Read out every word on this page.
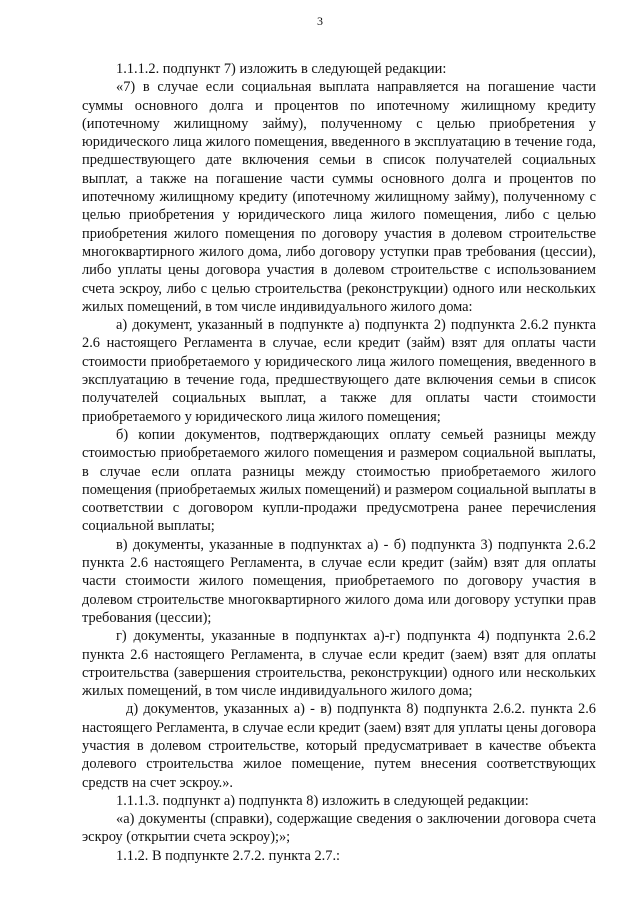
3

1.1.1.2. подпункт 7) изложить в следующей редакции:

«7) в случае если социальная выплата направляется на погашение части суммы основного долга и процентов по ипотечному жилищному кредиту (ипотечному жилищному займу), полученному с целью приобретения у юридического лица жилого помещения, введенного в эксплуатацию в течение года, предшествующего дате включения семьи в список получателей социальных выплат, а также на погашение части суммы основного долга и процентов по ипотечному жилищному кредиту (ипотечному жилищному займу), полученному с целью приобретения у юридического лица жилого помещения, либо с целью приобретения жилого помещения по договору участия в долевом строительстве многоквартирного жилого дома, либо договору уступки прав требования (цессии), либо уплаты цены договора участия в долевом строительстве с использованием счета эскроу, либо с целью строительства (реконструкции) одного или нескольких жилых помещений, в том числе индивидуального жилого дома:

а) документ, указанный в подпункте а) подпункта 2) подпункта 2.6.2 пункта 2.6 настоящего Регламента в случае, если кредит (займ) взят для оплаты части стоимости приобретаемого у юридического лица жилого помещения, введенного в эксплуатацию в течение года, предшествующего дате включения семьи в список получателей социальных выплат, а также для оплаты части стоимости приобретаемого у юридического лица жилого помещения;

б) копии документов, подтверждающих оплату семьей разницы между стоимостью приобретаемого жилого помещения и размером социальной выплаты, в случае если оплата разницы между стоимостью приобретаемого жилого помещения (приобретаемых жилых помещений) и размером социальной выплаты в соответствии с договором купли-продажи предусмотрена ранее перечисления социальной выплаты;

в) документы, указанные в подпунктах а) - б) подпункта 3) подпункта 2.6.2 пункта 2.6 настоящего Регламента, в случае если кредит (займ) взят для оплаты части стоимости жилого помещения, приобретаемого по договору участия в долевом строительстве многоквартирного жилого дома или договору уступки прав требования (цессии);

г) документы, указанные в подпунктах а)-г) подпункта 4) подпункта 2.6.2 пункта 2.6 настоящего Регламента, в случае если кредит (заем) взят для оплаты строительства (завершения строительства, реконструкции) одного или нескольких жилых помещений, в том числе индивидуального жилого дома;

д) документов, указанных а) - в) подпункта 8) подпункта 2.6.2. пункта 2.6 настоящего Регламента, в случае если кредит (заем) взят для уплаты цены договора участия в долевом строительстве, который предусматривает в качестве объекта долевого строительства жилое помещение, путем внесения соответствующих средств на счет эскроу.».

1.1.1.3. подпункт а) подпункта 8) изложить в следующей редакции:

«а) документы (справки), содержащие сведения о заключении договора счета эскроу (открытии счета эскроу);»;

1.1.2. В подпункте 2.7.2. пункта 2.7.:
